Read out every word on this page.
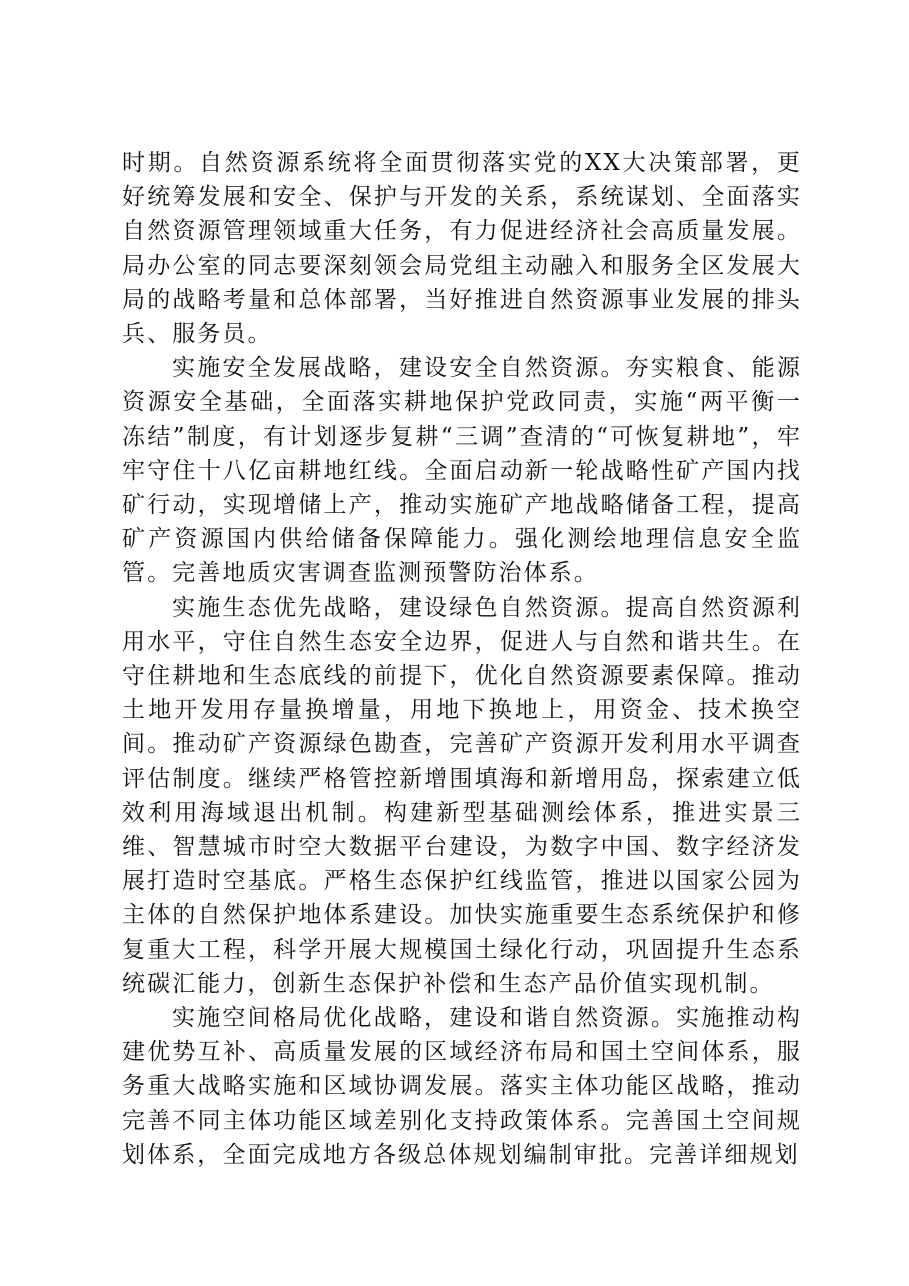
时期。自然资源系统将全面贯彻落实党的XX大决策部署，更好统筹发展和安全、保护与开发的关系，系统谋划、全面落实自然资源管理领域重大任务，有力促进经济社会高质量发展。局办公室的同志要深刻领会局党组主动融入和服务全区发展大局的战略考量和总体部署，当好推进自然资源事业发展的排头兵、服务员。

实施安全发展战略，建设安全自然资源。夯实粮食、能源资源安全基础，全面落实耕地保护党政同责，实施“两平衡一冻结”制度，有计划逐步复耕“三调”查清的“可恢复耕地”，牢牢守住十八亿亩耕地红线。全面启动新一轮战略性矿产国内找矿行动，实现增储上产，推动实施矿产地战略储备工程，提高矿产资源国内供给储备保障能力。强化测绘地理信息安全监管。完善地质灾害调查监测预警防治体系。

实施生态优先战略，建设绿色自然资源。提高自然资源利用水平，守住自然生态安全边界，促进人与自然和谐共生。在守住耕地和生态底线的前提下，优化自然资源要素保障。推动土地开发用存量换增量，用地下换地上，用资金、技术换空间。推动矿产资源绿色勘查，完善矿产资源开发利用水平调查评估制度。继续严格管控新增围填海和新增用岛，探索建立低效利用海域退出机制。构建新型基础测绘体系，推进实景三维、智慧城市时空大数据平台建设，为数字中国、数字经济发展打造时空基底。严格生态保护红线监管，推进以国家公园为主体的自然保护地体系建设。加快实施重要生态系统保护和修复重大工程，科学开展大规模国土绿化行动，巩固提升生态系统碳汇能力，创新生态保护补偿和生态产品价值实现机制。

实施空间格局优化战略，建设和谐自然资源。实施推动构建优势互补、高质量发展的区域经济布局和国土空间体系，服务重大战略实施和区域协调发展。落实主体功能区战略，推动完善不同主体功能区域差别化支持政策体系。完善国土空间规划体系，全面完成地方各级总体规划编制审批。完善详细规划
